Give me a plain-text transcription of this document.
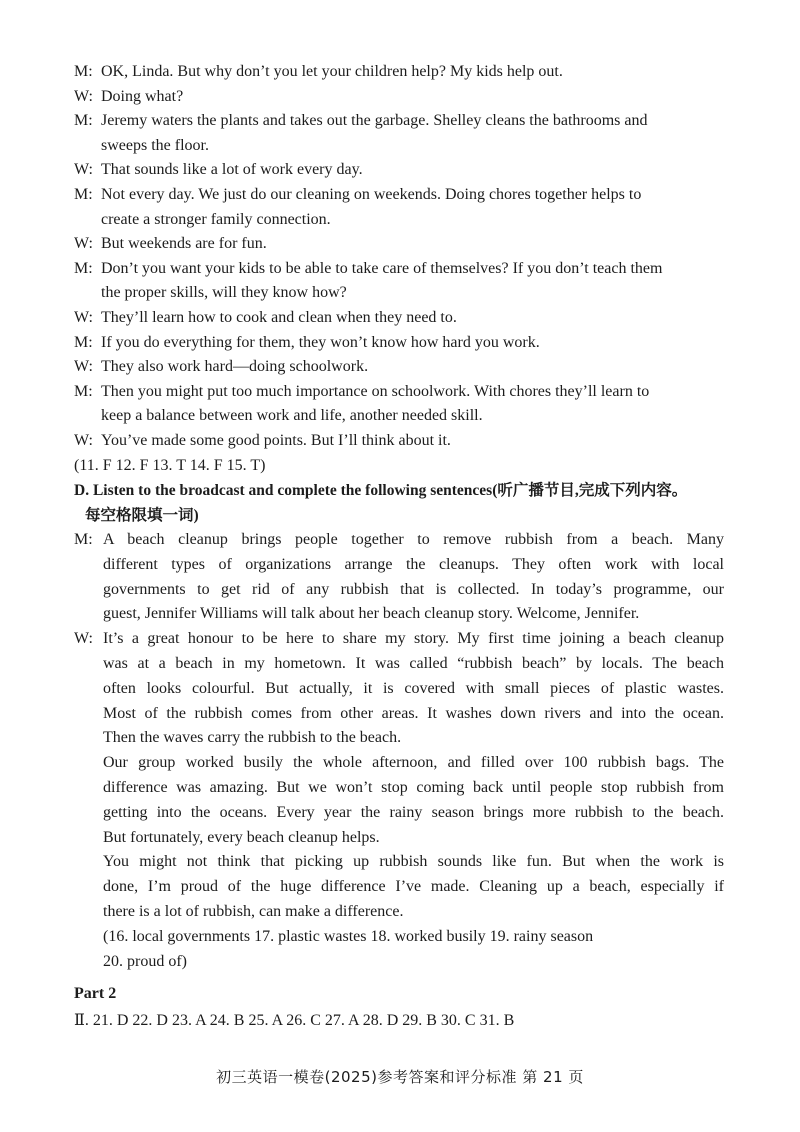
M: OK, Linda. But why don’t you let your children help? My kids help out.
W: Doing what?
M: Jeremy waters the plants and takes out the garbage. Shelley cleans the bathrooms and
sweeps the floor.
W: That sounds like a lot of work every day.
M: Not every day. We just do our cleaning on weekends. Doing chores together helps to
create a stronger family connection.
W: But weekends are for fun.
M: Don’t you want your kids to be able to take care of themselves? If you don’t teach them
the proper skills, will they know how?
W: They’ll learn how to cook and clean when they need to.
M: If you do everything for them, they won’t know how hard you work.
W: They also work hard—doing schoolwork.
M: Then you might put too much importance on schoolwork. With chores they’ll learn to
keep a balance between work and life, another needed skill.
W: You’ve made some good points. But I’ll think about it.
(11. F 12. F 13. T 14. F 15. T)
D. Listen to the broadcast and complete the following sentences(听广播节目,完成下列内容。
每空格限填一词)
M: A beach cleanup brings people together to remove rubbish from a beach. Many
different types of organizations arrange the cleanups. They often work with local
governments to get rid of any rubbish that is collected. In today’s programme, our
guest, Jennifer Williams will talk about her beach cleanup story. Welcome, Jennifer.
W: It’s a great honour to be here to share my story. My first time joining a beach cleanup
was at a beach in my hometown. It was called “rubbish beach” by locals. The beach
often looks colourful. But actually, it is covered with small pieces of plastic wastes.
Most of the rubbish comes from other areas. It washes down rivers and into the ocean.
Then the waves carry the rubbish to the beach.
Our group worked busily the whole afternoon, and filled over 100 rubbish bags. The
difference was amazing. But we won’t stop coming back until people stop rubbish from
getting into the oceans. Every year the rainy season brings more rubbish to the beach.
But fortunately, every beach cleanup helps.
You might not think that picking up rubbish sounds like fun. But when the work is
done, I’m proud of the huge difference I’ve made. Cleaning up a beach, especially if
there is a lot of rubbish, can make a difference.
(16. local governments 17. plastic wastes 18. worked busily 19. rainy season
20. proud of)
Part 2
Ⅱ. 21. D 22. D 23. A 24. B 25. A 26. C 27. A 28. D 29. B 30. C 31. B
初三英语一模卷(2025)参考答案和评分标准 第 21 页
